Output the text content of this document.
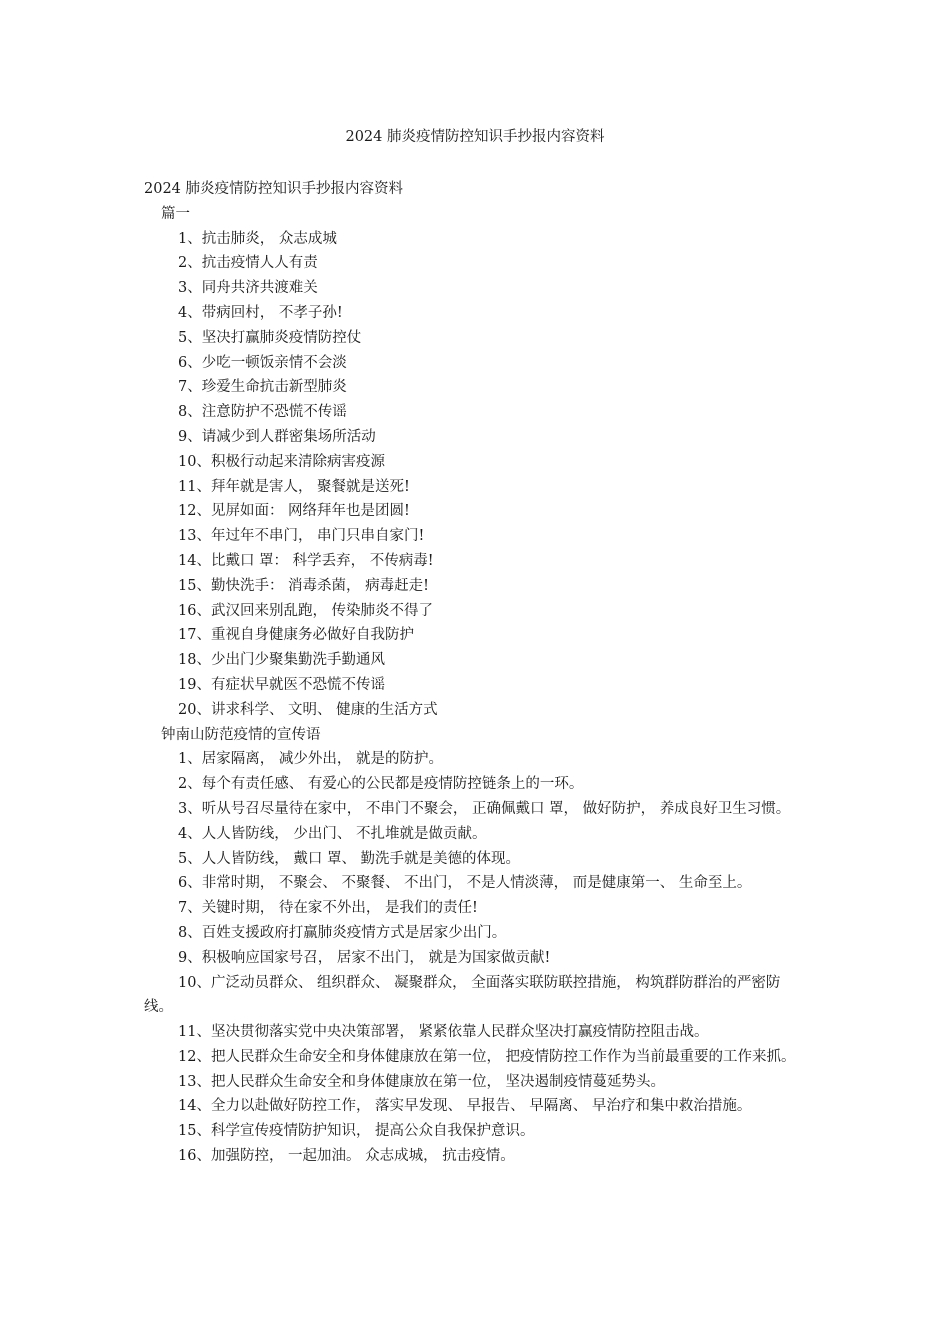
2024 肺炎疫情防控知识手抄报内容资料

2024 肺炎疫情防控知识手抄报内容资料

篇一

1、抗击肺炎， 众志成城

2、抗击疫情人人有责

3、同舟共济共渡难关

4、带病回村， 不孝子孙!

5、坚决打赢肺炎疫情防控仗

6、少吃一顿饭亲情不会淡

7、珍爱生命抗击新型肺炎

8、注意防护不恐慌不传谣

9、请减少到人群密集场所活动

10、积极行动起来清除病害疫源

11、拜年就是害人， 聚餐就是送死!

12、见屏如面： 网络拜年也是团圆!

13、年过年不串门， 串门只串自家门!

14、比戴口 罩： 科学丢弃， 不传病毒!

15、勤快洗手： 消毒杀菌， 病毒赶走!

16、武汉回来别乱跑， 传染肺炎不得了

17、重视自身健康务必做好自我防护

18、少出门少聚集勤洗手勤通风

19、有症状早就医不恐慌不传谣

20、讲求科学、 文明、 健康的生活方式

钟南山防范疫情的宣传语

1、居家隔离， 减少外出， 就是的防护。

2、每个有责任感、 有爱心的公民都是疫情防控链条上的一环。

3、听从号召尽量待在家中， 不串门不聚会， 正确佩戴口 罩， 做好防护， 养成良好卫生习惯。

4、人人皆防线， 少出门、 不扎堆就是做贡献。

5、人人皆防线， 戴口 罩、 勤洗手就是美德的体现。

6、非常时期， 不聚会、 不聚餐、 不出门， 不是人情淡薄， 而是健康第一、 生命至上。

7、关键时期， 待在家不外出， 是我们的责任!

8、百姓支援政府打赢肺炎疫情方式是居家少出门。

9、积极响应国家号召， 居家不出门， 就是为国家做贡献!

10、广泛动员群众、 组织群众、 凝聚群众， 全面落实联防联控措施， 构筑群防群治的严密防线。

11、坚决贯彻落实党中央决策部署， 紧紧依靠人民群众坚决打赢疫情防控阻击战。

12、把人民群众生命安全和身体健康放在第一位， 把疫情防控工作作为当前最重要的工作来抓。

13、把人民群众生命安全和身体健康放在第一位， 坚决遏制疫情蔓延势头。

14、全力以赴做好防控工作， 落实早发现、 早报告、 早隔离、 早治疗和集中救治措施。

15、科学宣传疫情防护知识， 提高公众自我保护意识。

16、加强防控， 一起加油。 众志成城， 抗击疫情。
